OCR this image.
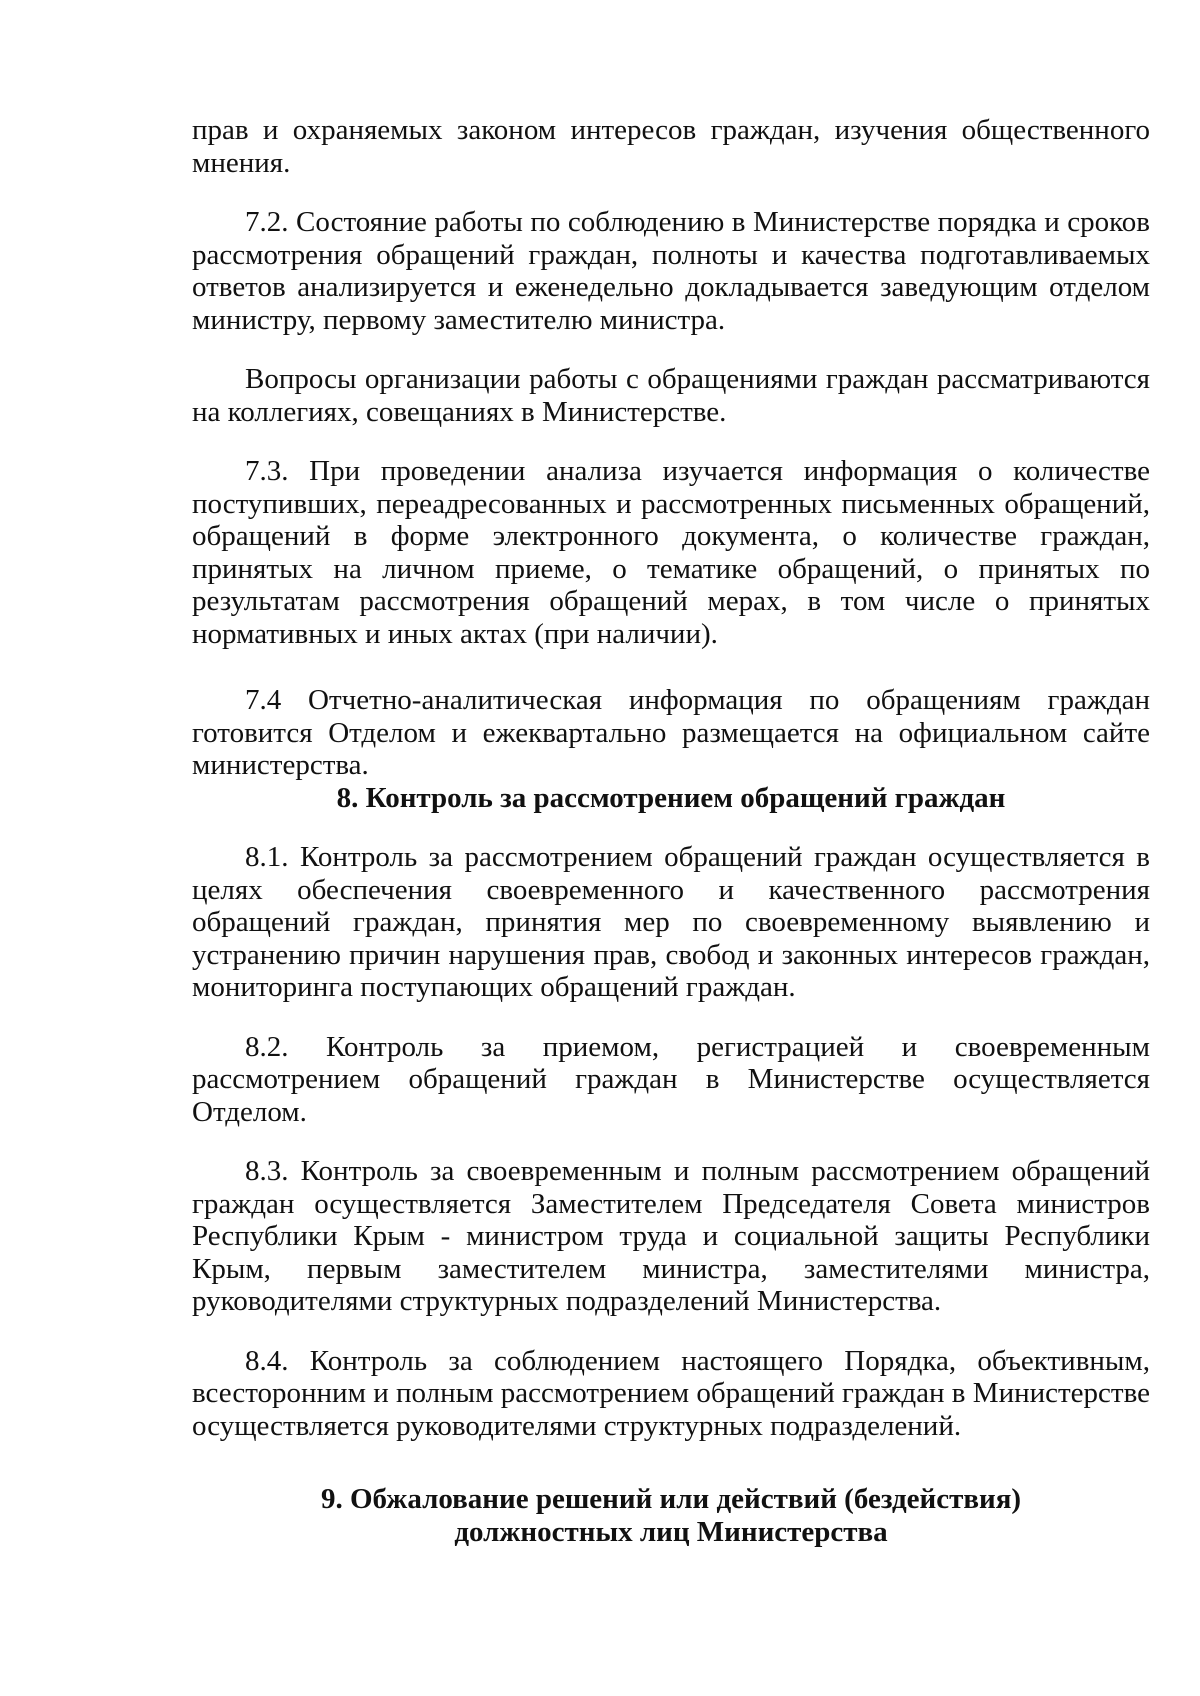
прав и охраняемых законом интересов граждан, изучения общественного мнения.

7.2. Состояние работы по соблюдению в Министерстве порядка и сроков рассмотрения обращений граждан, полноты и качества подготавливаемых ответов анализируется и еженедельно докладывается заведующим отделом министру, первому заместителю министра.

Вопросы организации работы с обращениями граждан рассматриваются на коллегиях, совещаниях в Министерстве.

7.3. При проведении анализа изучается информация о количестве поступивших, переадресованных и рассмотренных письменных обращений, обращений в форме электронного документа, о количестве граждан, принятых на личном приеме, о тематике обращений, о принятых по результатам рассмотрения обращений мерах, в том числе о принятых нормативных и иных актах (при наличии).

7.4 Отчетно-аналитическая информация по обращениям граждан готовится Отделом и ежеквартально размещается на официальном сайте министерства.

8. Контроль за рассмотрением обращений граждан

8.1. Контроль за рассмотрением обращений граждан осуществляется в целях обеспечения своевременного и качественного рассмотрения обращений граждан, принятия мер по своевременному выявлению и устранению причин нарушения прав, свобод и законных интересов граждан, мониторинга поступающих обращений граждан.

8.2. Контроль за приемом, регистрацией и своевременным рассмотрением обращений граждан в Министерстве осуществляется Отделом.

8.3. Контроль за своевременным и полным рассмотрением обращений граждан осуществляется Заместителем Председателя Совета министров Республики Крым - министром труда и социальной защиты Республики Крым, первым заместителем министра, заместителями министра, руководителями структурных подразделений Министерства.

8.4. Контроль за соблюдением настоящего Порядка, объективным, всесторонним и полным рассмотрением обращений граждан в Министерстве осуществляется руководителями структурных подразделений.

9. Обжалование решений или действий (бездействия)
должностных лиц Министерства
